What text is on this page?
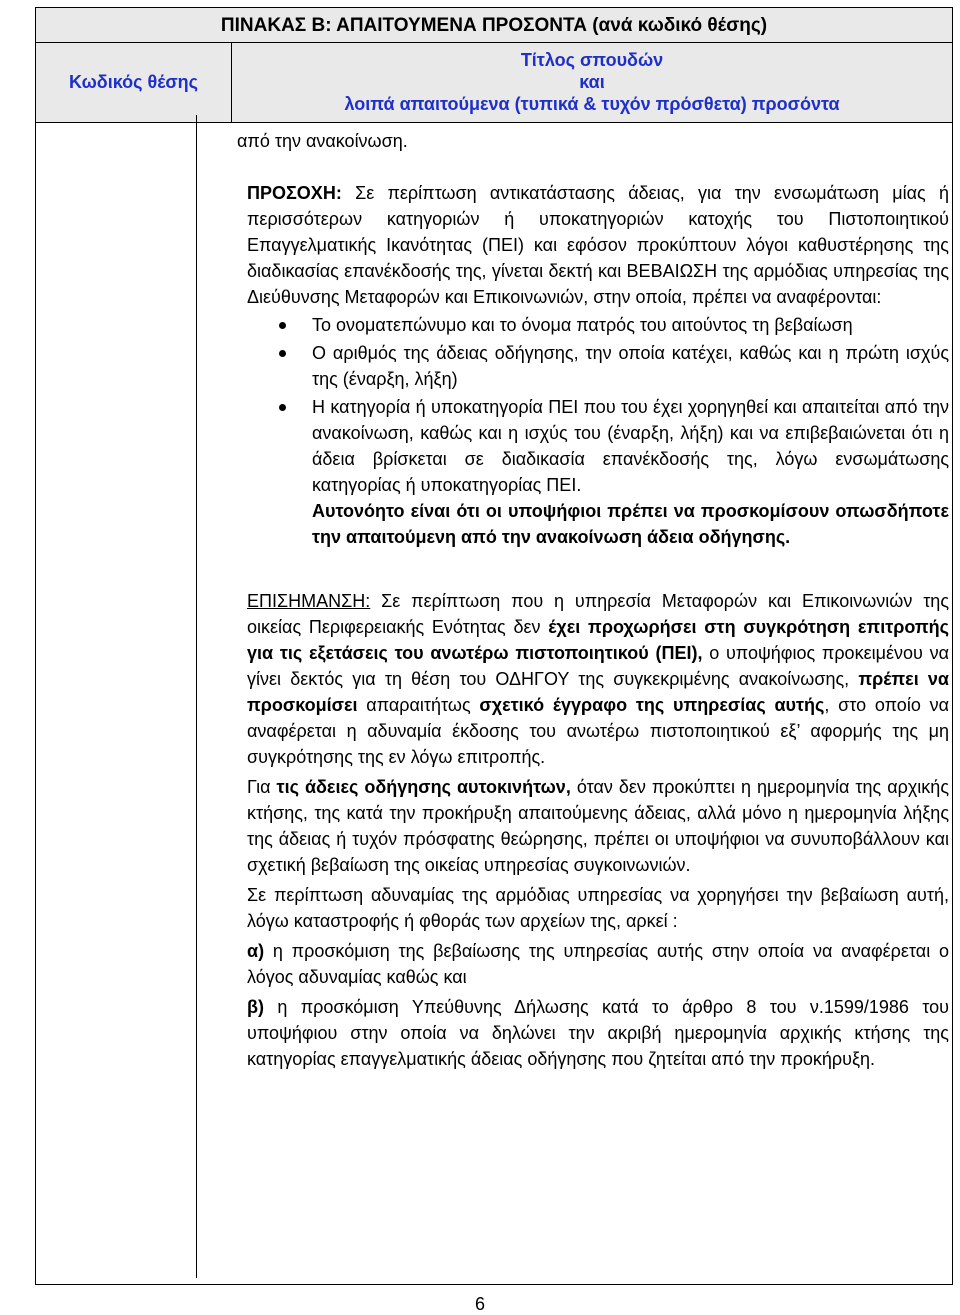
ΠΙΝΑΚΑΣ Β: ΑΠΑΙΤΟΥΜΕΝΑ ΠΡΟΣΟΝΤΑ (ανά κωδικό θέσης)
Κωδικός θέσης
Τίτλος σπουδών
και
λοιπά απαιτούμενα (τυπικά & τυχόν πρόσθετα) προσόντα
από την ανακοίνωση.

ΠΡΟΣΟΧΗ: Σε περίπτωση αντικατάστασης άδειας, για την ενσωμάτωση μίας ή περισσότερων κατηγοριών ή υποκατηγοριών κατοχής του Πιστοποιητικού Επαγγελματικής Ικανότητας (ΠΕΙ) και εφόσον προκύπτουν λόγοι καθυστέρησης της διαδικασίας επανέκδοσής της, γίνεται δεκτή και ΒΕΒΑΙΩΣΗ της αρμόδιας υπηρεσίας της Διεύθυνσης Μεταφορών και Επικοινωνιών, στην οποία, πρέπει να αναφέρονται:

Το ονοματεπώνυμο και το όνομα πατρός του αιτούντος τη βεβαίωση
Ο αριθμός της άδειας οδήγησης, την οποία κατέχει, καθώς και η πρώτη ισχύς της (έναρξη, λήξη)
Η κατηγορία ή υποκατηγορία ΠΕΙ που του έχει χορηγηθεί και απαιτείται από την ανακοίνωση, καθώς και η ισχύς του (έναρξη, λήξη) και να επιβεβαιώνεται ότι η άδεια βρίσκεται σε διαδικασία επανέκδοσής της, λόγω ενσωμάτωσης κατηγορίας ή υποκατηγορίας ΠΕΙ.
Αυτονόητο είναι ότι οι υποψήφιοι πρέπει να προσκομίσουν οπωσδήποτε την απαιτούμενη από την ανακοίνωση άδεια οδήγησης.

ΕΠΙΣΗΜΑΝΣΗ: Σε περίπτωση που η υπηρεσία Μεταφορών και Επικοινωνιών της οικείας Περιφερειακής Ενότητας δεν έχει προχωρήσει στη συγκρότηση επιτροπής για τις εξετάσεις του ανωτέρω πιστοποιητικού (ΠΕΙ), ο υποψήφιος προκειμένου να γίνει δεκτός για τη θέση του ΟΔΗΓΟΥ της συγκεκριμένης ανακοίνωσης, πρέπει να προσκομίσει απαραιτήτως σχετικό έγγραφο της υπηρεσίας αυτής, στο οποίο να αναφέρεται η αδυναμία έκδοσης του ανωτέρω πιστοποιητικού εξ’ αφορμής της μη συγκρότησης της εν λόγω επιτροπής.

Για τις άδειες οδήγησης αυτοκινήτων, όταν δεν προκύπτει η ημερομηνία της αρχικής κτήσης, της κατά την προκήρυξη απαιτούμενης άδειας, αλλά μόνο η ημερομηνία λήξης της άδειας ή τυχόν πρόσφατης θεώρησης, πρέπει οι υποψήφιοι να συνυποβάλλουν και σχετική βεβαίωση της οικείας υπηρεσίας συγκοινωνιών.

Σε περίπτωση αδυναμίας της αρμόδιας υπηρεσίας να χορηγήσει την βεβαίωση αυτή, λόγω καταστροφής ή φθοράς των αρχείων της, αρκεί :

α) η προσκόμιση της βεβαίωσης της υπηρεσίας αυτής στην οποία να αναφέρεται ο λόγος αδυναμίας καθώς και

β) η προσκόμιση Υπεύθυνης Δήλωσης κατά το άρθρο 8 του ν.1599/1986 του υποψήφιου στην οποία να δηλώνει την ακριβή ημερομηνία αρχικής κτήσης της κατηγορίας επαγγελματικής άδειας οδήγησης που ζητείται από την προκήρυξη.

6
